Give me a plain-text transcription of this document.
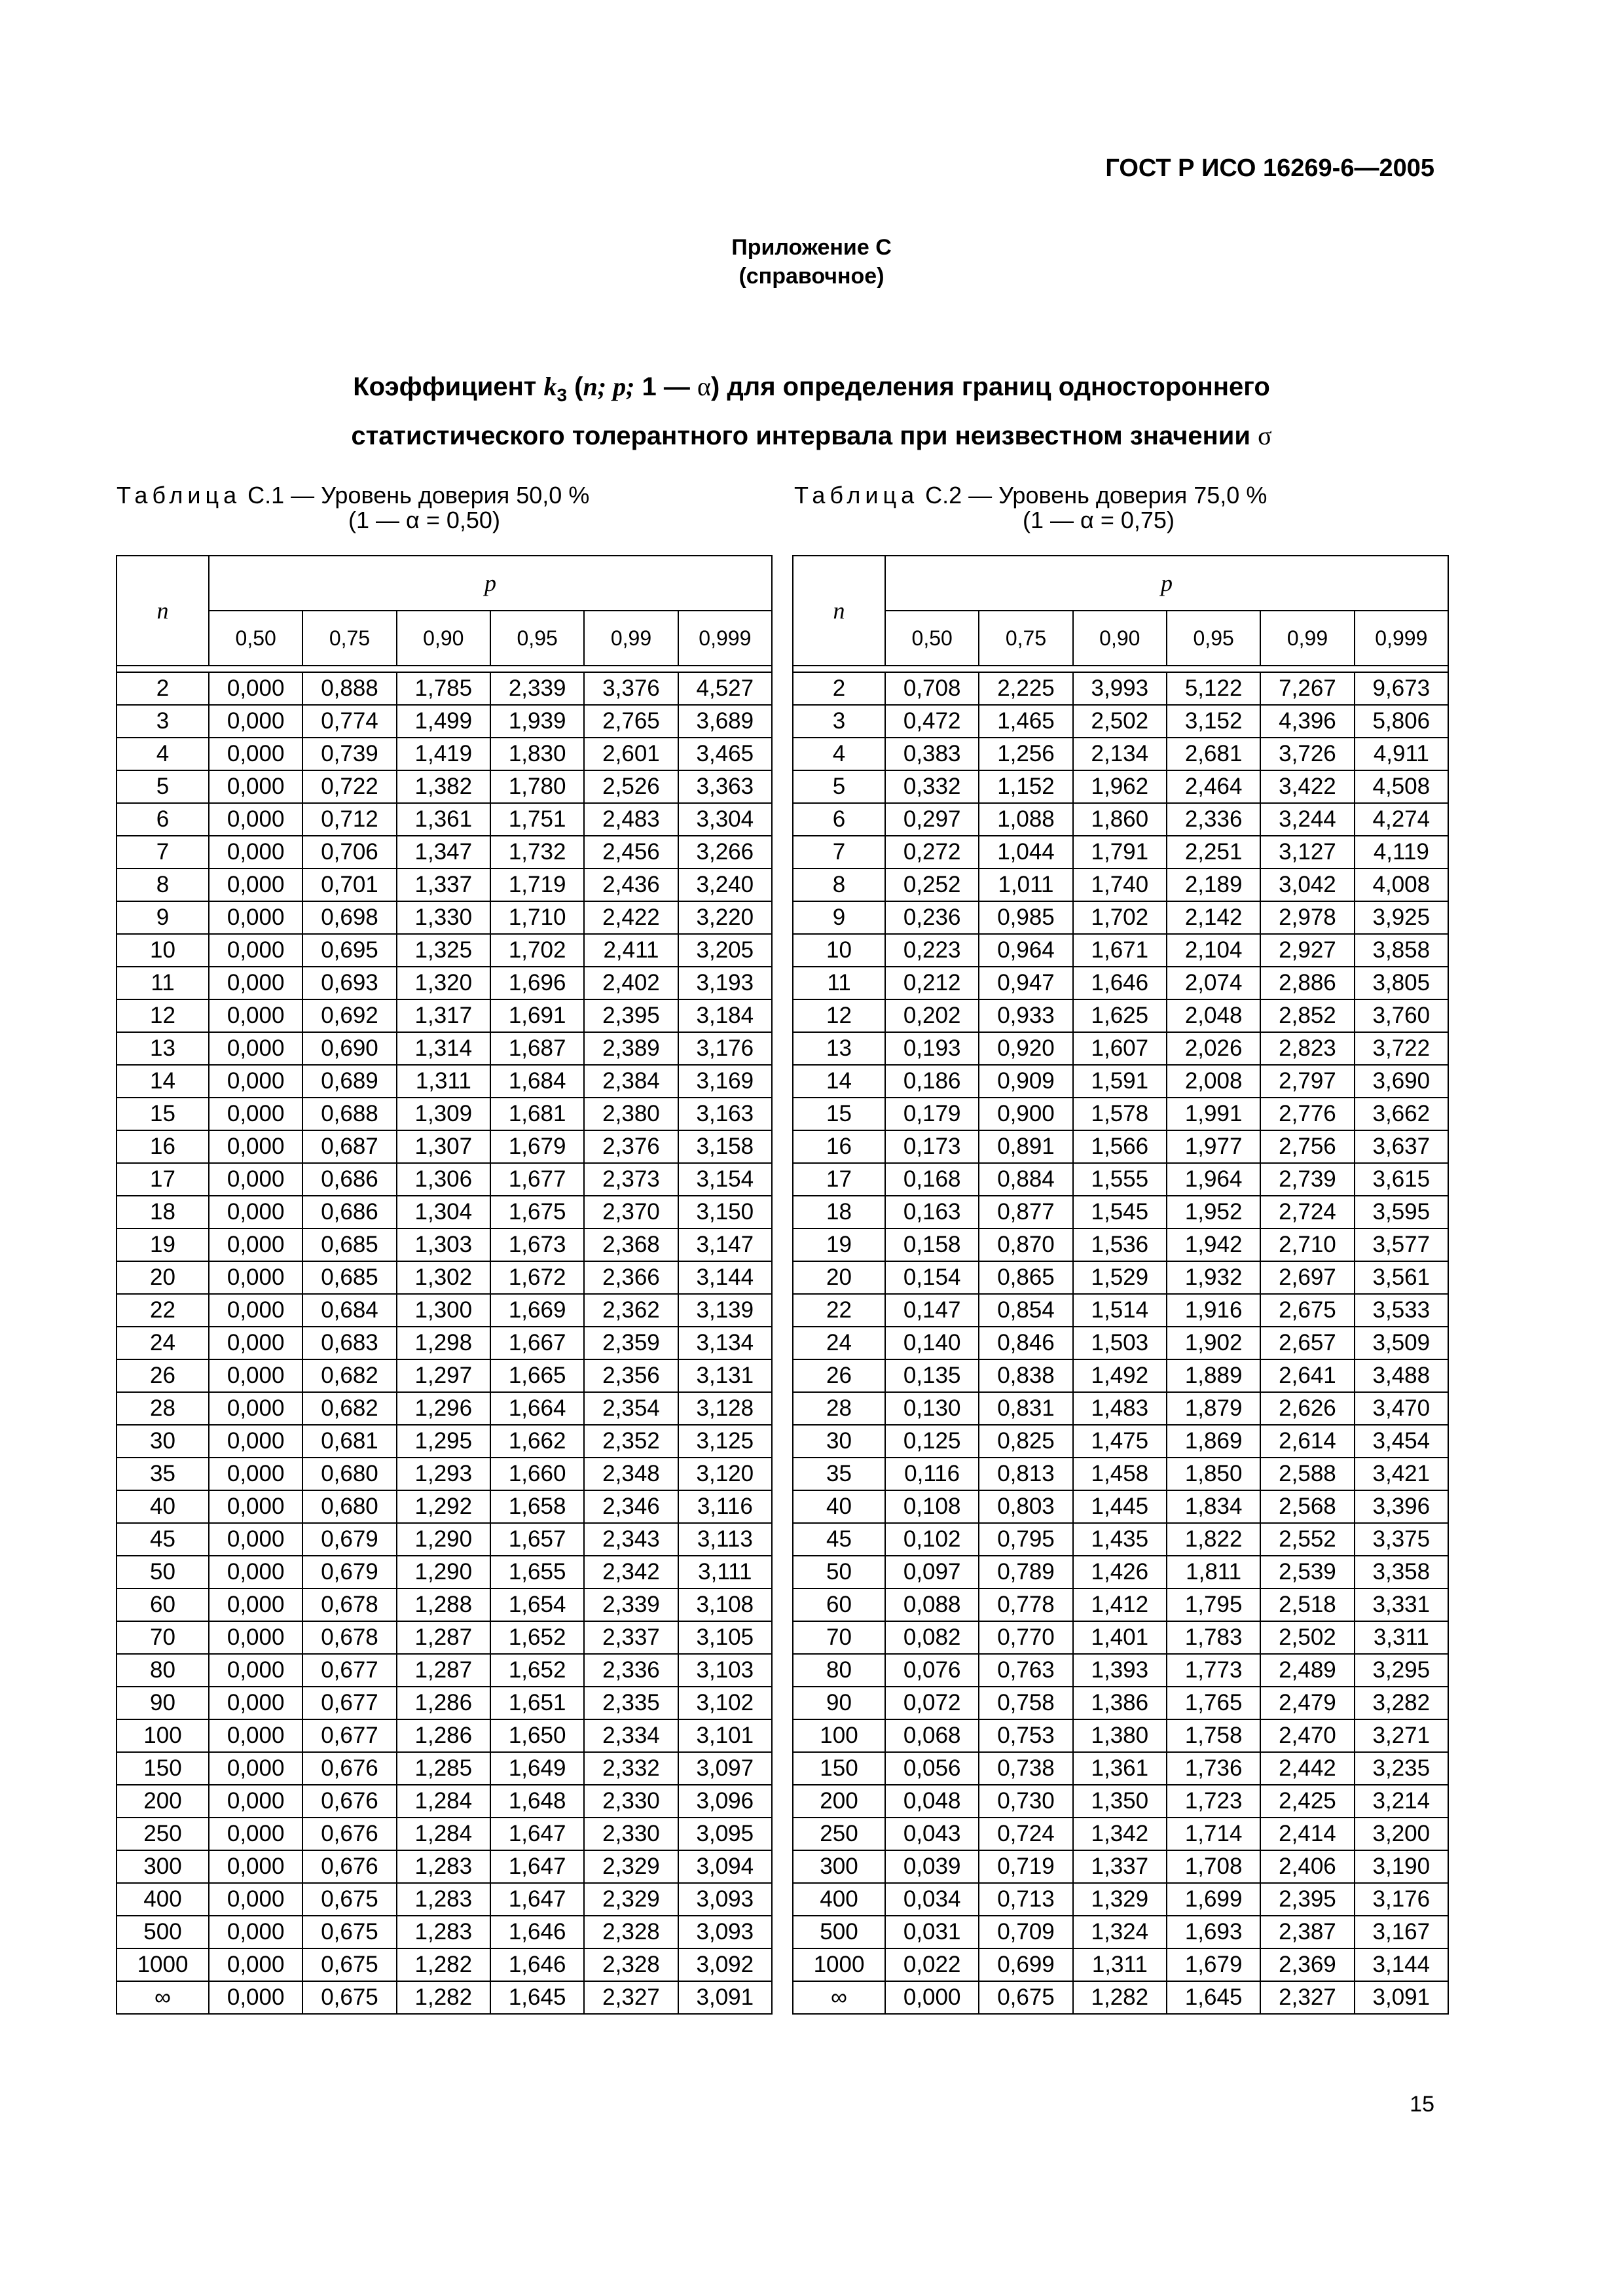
ГОСТ Р ИСО 16269-6—2005
Приложение С
(справочное)
Коэффициент $k_3$ (n; p; 1 — α) для определения границ одностороннего
статистического толерантного интервала при неизвестном значении σ
Таблица С.1 — Уровень доверия 50,0 %
(1 — α = 0,50)
Таблица С.2 — Уровень доверия 75,0 %
(1 — α = 0,75)
n	p					
	0,50	0,75	0,90	0,95	0,99	0,999

2	0,000	0,888	1,785	2,339	3,376	4,527
3	0,000	0,774	1,499	1,939	2,765	3,689
4	0,000	0,739	1,419	1,830	2,601	3,465
5	0,000	0,722	1,382	1,780	2,526	3,363
6	0,000	0,712	1,361	1,751	2,483	3,304
7	0,000	0,706	1,347	1,732	2,456	3,266
8	0,000	0,701	1,337	1,719	2,436	3,240
9	0,000	0,698	1,330	1,710	2,422	3,220
10	0,000	0,695	1,325	1,702	2,411	3,205
11	0,000	0,693	1,320	1,696	2,402	3,193
12	0,000	0,692	1,317	1,691	2,395	3,184
13	0,000	0,690	1,314	1,687	2,389	3,176
14	0,000	0,689	1,311	1,684	2,384	3,169
15	0,000	0,688	1,309	1,681	2,380	3,163
16	0,000	0,687	1,307	1,679	2,376	3,158
17	0,000	0,686	1,306	1,677	2,373	3,154
18	0,000	0,686	1,304	1,675	2,370	3,150
19	0,000	0,685	1,303	1,673	2,368	3,147
20	0,000	0,685	1,302	1,672	2,366	3,144
22	0,000	0,684	1,300	1,669	2,362	3,139
24	0,000	0,683	1,298	1,667	2,359	3,134
26	0,000	0,682	1,297	1,665	2,356	3,131
28	0,000	0,682	1,296	1,664	2,354	3,128
30	0,000	0,681	1,295	1,662	2,352	3,125
35	0,000	0,680	1,293	1,660	2,348	3,120
40	0,000	0,680	1,292	1,658	2,346	3,116
45	0,000	0,679	1,290	1,657	2,343	3,113
50	0,000	0,679	1,290	1,655	2,342	3,111
60	0,000	0,678	1,288	1,654	2,339	3,108
70	0,000	0,678	1,287	1,652	2,337	3,105
80	0,000	0,677	1,287	1,652	2,336	3,103
90	0,000	0,677	1,286	1,651	2,335	3,102
100	0,000	0,677	1,286	1,650	2,334	3,101
150	0,000	0,676	1,285	1,649	2,332	3,097
200	0,000	0,676	1,284	1,648	2,330	3,096
250	0,000	0,676	1,284	1,647	2,330	3,095
300	0,000	0,676	1,283	1,647	2,329	3,094
400	0,000	0,675	1,283	1,647	2,329	3,093
500	0,000	0,675	1,283	1,646	2,328	3,093
1000	0,000	0,675	1,282	1,646	2,328	3,092
∞	0,000	0,675	1,282	1,645	2,327	3,091
n	p					
	0,50	0,75	0,90	0,95	0,99	0,999

2	0,708	2,225	3,993	5,122	7,267	9,673
3	0,472	1,465	2,502	3,152	4,396	5,806
4	0,383	1,256	2,134	2,681	3,726	4,911
5	0,332	1,152	1,962	2,464	3,422	4,508
6	0,297	1,088	1,860	2,336	3,244	4,274
7	0,272	1,044	1,791	2,251	3,127	4,119
8	0,252	1,011	1,740	2,189	3,042	4,008
9	0,236	0,985	1,702	2,142	2,978	3,925
10	0,223	0,964	1,671	2,104	2,927	3,858
11	0,212	0,947	1,646	2,074	2,886	3,805
12	0,202	0,933	1,625	2,048	2,852	3,760
13	0,193	0,920	1,607	2,026	2,823	3,722
14	0,186	0,909	1,591	2,008	2,797	3,690
15	0,179	0,900	1,578	1,991	2,776	3,662
16	0,173	0,891	1,566	1,977	2,756	3,637
17	0,168	0,884	1,555	1,964	2,739	3,615
18	0,163	0,877	1,545	1,952	2,724	3,595
19	0,158	0,870	1,536	1,942	2,710	3,577
20	0,154	0,865	1,529	1,932	2,697	3,561
22	0,147	0,854	1,514	1,916	2,675	3,533
24	0,140	0,846	1,503	1,902	2,657	3,509
26	0,135	0,838	1,492	1,889	2,641	3,488
28	0,130	0,831	1,483	1,879	2,626	3,470
30	0,125	0,825	1,475	1,869	2,614	3,454
35	0,116	0,813	1,458	1,850	2,588	3,421
40	0,108	0,803	1,445	1,834	2,568	3,396
45	0,102	0,795	1,435	1,822	2,552	3,375
50	0,097	0,789	1,426	1,811	2,539	3,358
60	0,088	0,778	1,412	1,795	2,518	3,331
70	0,082	0,770	1,401	1,783	2,502	3,311
80	0,076	0,763	1,393	1,773	2,489	3,295
90	0,072	0,758	1,386	1,765	2,479	3,282
100	0,068	0,753	1,380	1,758	2,470	3,271
150	0,056	0,738	1,361	1,736	2,442	3,235
200	0,048	0,730	1,350	1,723	2,425	3,214
250	0,043	0,724	1,342	1,714	2,414	3,200
300	0,039	0,719	1,337	1,708	2,406	3,190
400	0,034	0,713	1,329	1,699	2,395	3,176
500	0,031	0,709	1,324	1,693	2,387	3,167
1000	0,022	0,699	1,311	1,679	2,369	3,144
∞	0,000	0,675	1,282	1,645	2,327	3,091
15
